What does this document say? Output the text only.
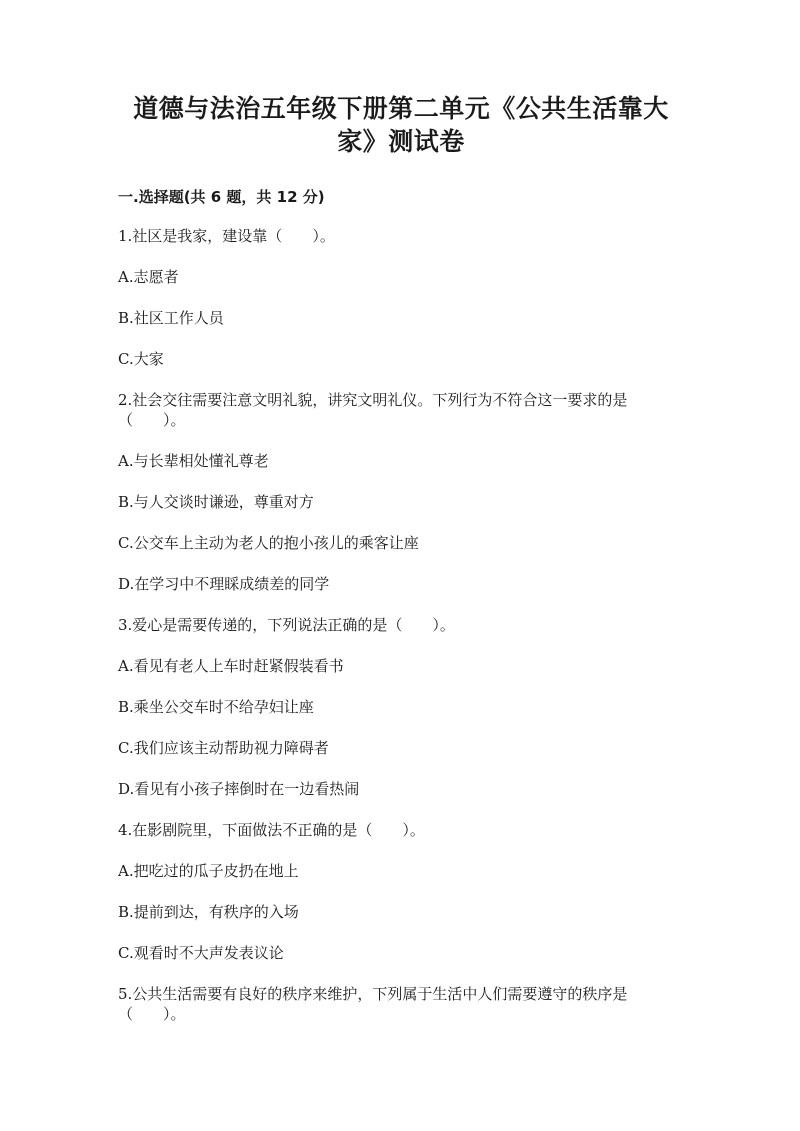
道德与法治五年级下册第二单元《公共生活靠大
家》测试卷
一.选择题(共 6 题，共 12 分)
1.社区是我家，建设靠（　　）。
A.志愿者
B.社区工作人员
C.大家
2.社会交往需要注意文明礼貌，讲究文明礼仪。下列行为不符合这一要求的是
（　　）。
A.与长辈相处懂礼尊老
B.与人交谈时谦逊，尊重对方
C.公交车上主动为老人的抱小孩儿的乘客让座
D.在学习中不理睬成绩差的同学
3.爱心是需要传递的，下列说法正确的是（　　）。
A.看见有老人上车时赶紧假装看书
B.乘坐公交车时不给孕妇让座
C.我们应该主动帮助视力障碍者
D.看见有小孩子摔倒时在一边看热闹
4.在影剧院里，下面做法不正确的是（　　）。
A.把吃过的瓜子皮扔在地上
B.提前到达，有秩序的入场
C.观看时不大声发表议论
5.公共生活需要有良好的秩序来维护，下列属于生活中人们需要遵守的秩序是
（　　）。
